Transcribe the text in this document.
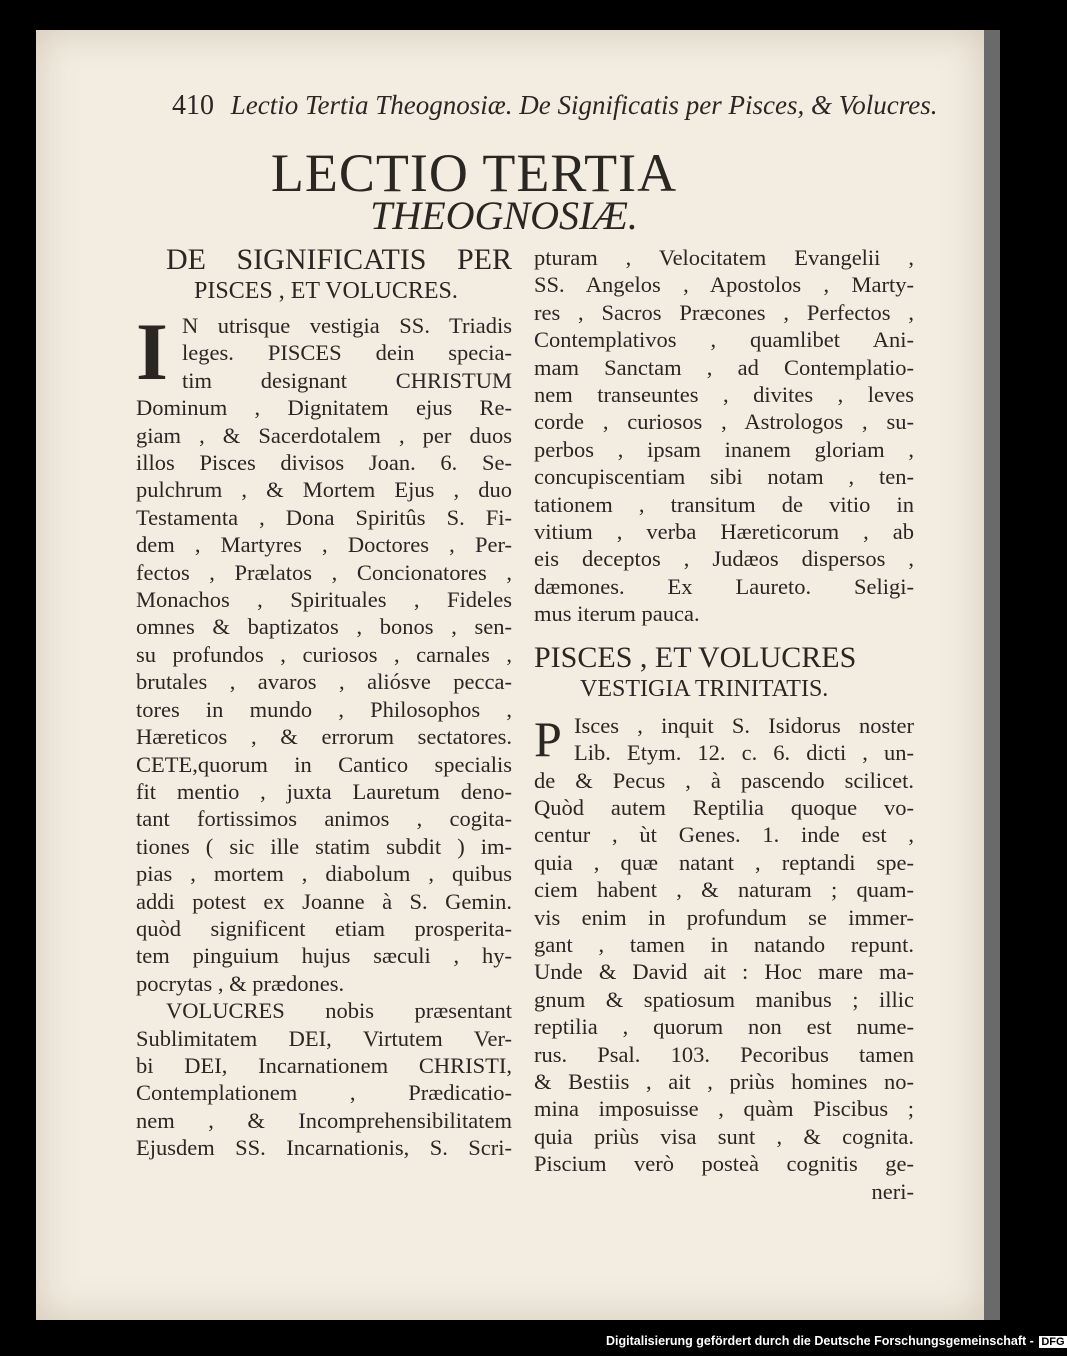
410 Lectio Tertia Theognosiæ. De Significatis per Pisces, & Volucres.
LECTIO TERTIA
THEOGNOSIÆ.
DE SIGNIFICATIS PER
PISCES , ET VOLUCRES.
I N utrisque vestigia SS. Triadis
leges. PISCES dein specia-
tim designant CHRISTUM
Dominum , Dignitatem ejus Re-
giam , & Sacerdotalem , per duos
illos Pisces divisos Joan. 6. Se-
pulchrum , & Mortem Ejus , duo
Testamenta , Dona Spiritûs S. Fi-
dem , Martyres , Doctores , Per-
fectos , Prælatos , Concionatores ,
Monachos , Spirituales , Fideles
omnes & baptizatos , bonos , sen-
su profundos , curiosos , carnales ,
brutales , avaros , aliósve pecca-
tores in mundo , Philosophos ,
Hæreticos , & errorum sectatores.
CETE,quorum in Cantico specialis
fit mentio , juxta Lauretum deno-
tant fortissimos animos , cogita-
tiones ( sic ille statim subdit ) im-
pias , mortem , diabolum , quibus
addi potest ex Joanne à S. Gemin.
quòd significent etiam prosperita-
tem pinguium hujus sæculi , hy-
pocrytas , & prædones.
VOLUCRES nobis præsentant
Sublimitatem DEI, Virtutem Ver-
bi DEI, Incarnationem CHRISTI,
Contemplationem , Prædicatio-
nem , & Incomprehensibilitatem
Ejusdem SS. Incarnationis, S. Scri-
pturam , Velocitatem Evangelii ,
SS. Angelos , Apostolos , Marty-
res , Sacros Præcones , Perfectos ,
Contemplativos , quamlibet Ani-
mam Sanctam , ad Contemplatio-
nem transeuntes , divites , leves
corde , curiosos , Astrologos , su-
perbos , ipsam inanem gloriam ,
concupiscentiam sibi notam , ten-
tationem , transitum de vitio in
vitium , verba Hæreticorum , ab
eis deceptos , Judæos dispersos ,
dæmones. Ex Laureto. Seligi-
mus iterum pauca.
PISCES , ET VOLUCRES
VESTIGIA TRINITATIS.
P Isces , inquit S. Isidorus noster
Lib. Etym. 12. c. 6. dicti , un-
de & Pecus , à pascendo scilicet.
Quòd autem Reptilia quoque vo-
centur , ùt Genes. 1. inde est ,
quia , quæ natant , reptandi spe-
ciem habent , & naturam ; quam-
vis enim in profundum se immer-
gant , tamen in natando repunt.
Unde & David ait : Hoc mare ma-
gnum & spatiosum manibus ; illic
reptilia , quorum non est nume-
rus. Psal. 103. Pecoribus tamen
& Bestiis , ait , priùs homines no-
mina imposuisse , quàm Piscibus ;
quia priùs visa sunt , & cognita.
Piscium verò posteà cognitis ge-
neri-
Digitalisierung gefördert durch die Deutsche Forschungsgemeinschaft - DFG
